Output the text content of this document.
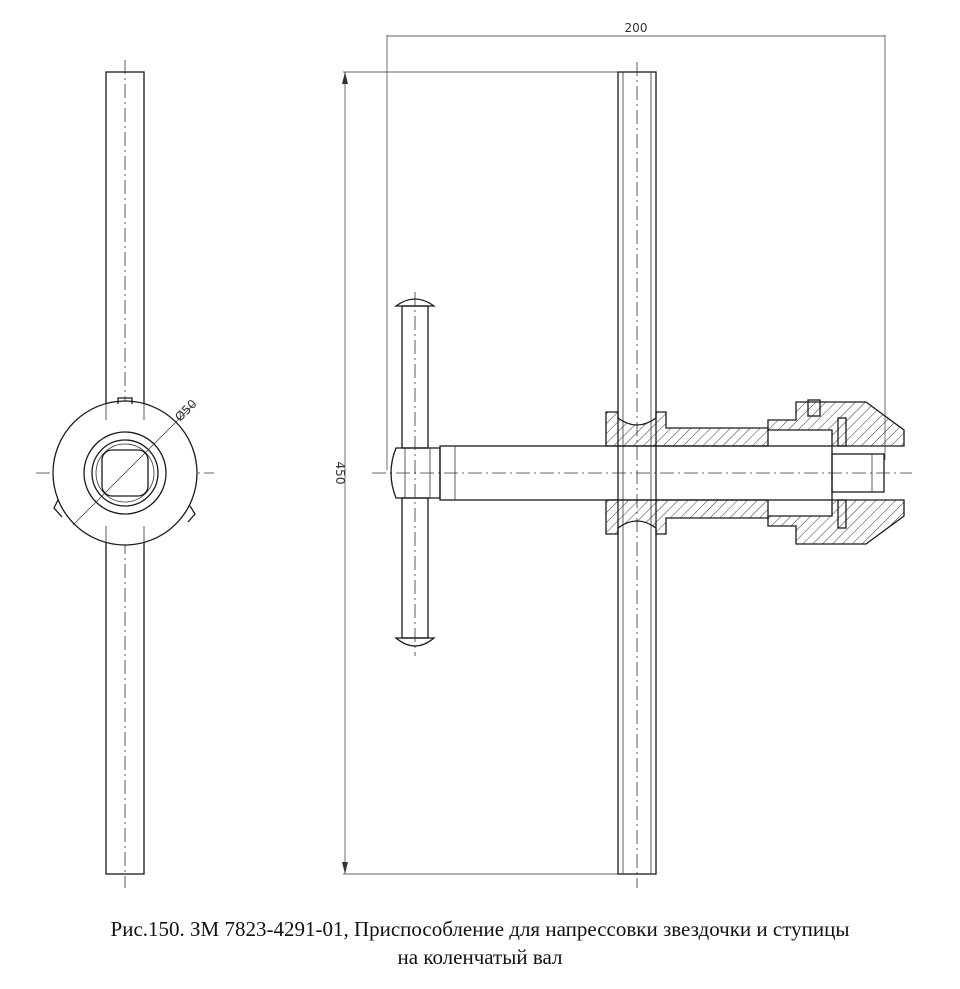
Ø50
200
450
Рис.150. ЗМ 7823-4291-01, Приспособление для напрессовки звездочки и ступицы
на коленчатый вал
